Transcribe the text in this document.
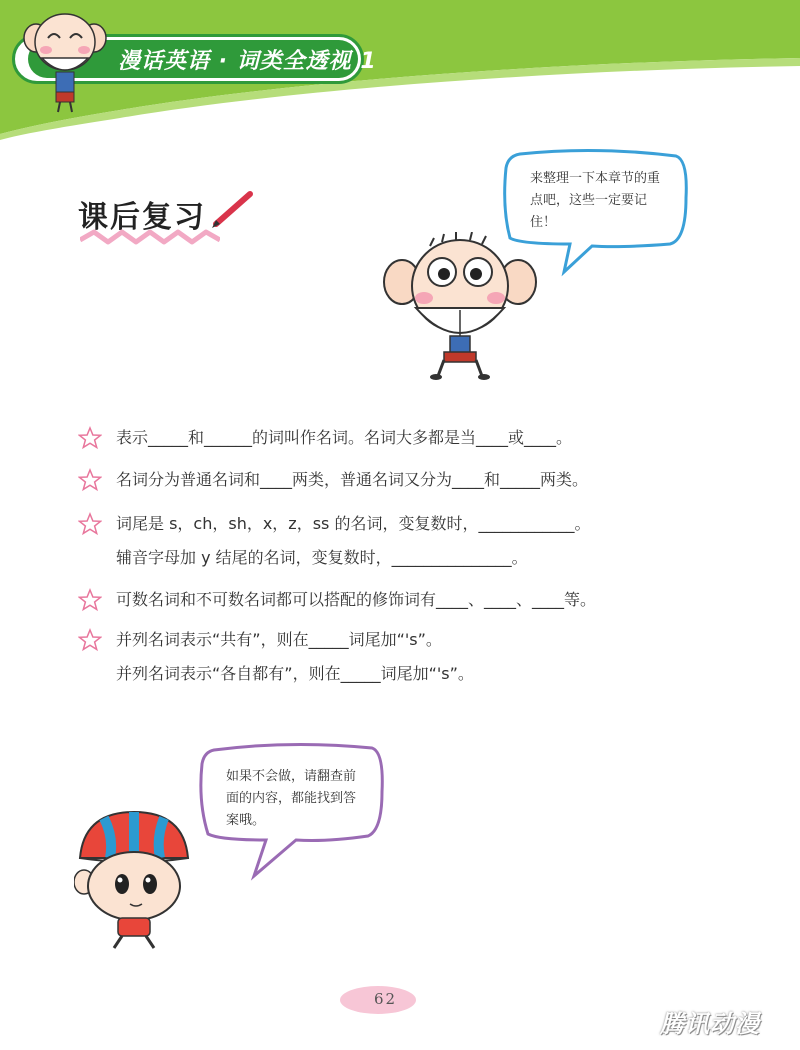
漫话英语 · 词类全透视 1
课后复习
来整理一下本章节的重点吧，这些一定要记住！
表示_____和______的词叫作名词。名词大多都是当____或____。
名词分为普通名词和____两类，普通名词又分为____和_____两类。
词尾是 s，ch，sh，x，z，ss 的名词，变复数时，____________。
辅音字母加 y 结尾的名词，变复数时，_______________。
可数名词和不可数名词都可以搭配的修饰词有____、____、____等。
并列名词表示“共有”，则在_____词尾加“'s”。
并列名词表示“各自都有”，则在_____词尾加“'s”。
如果不会做，请翻查前面的内容，都能找到答案哦。
62
腾讯动漫
